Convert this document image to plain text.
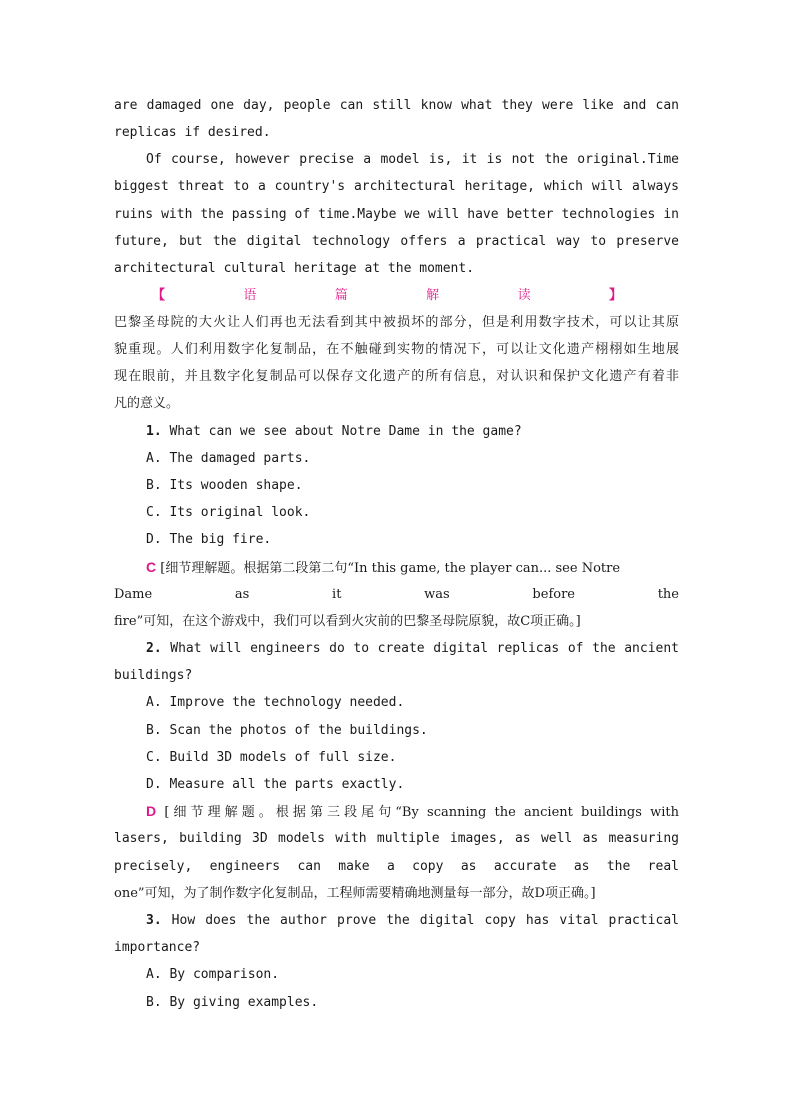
are damaged one day, people can still know what they were like and can
replicas if desired.
Of course, however precise a model is, it is not the original.Time
biggest threat to a country's architectural heritage, which will always
ruins with the passing of time.Maybe we will have better technologies in
future, but the digital technology offers a practical way to preserve
architectural cultural heritage at the moment.
【	语	篇	解	读	】
巴黎圣母院的大火让人们再也无法看到其中被损坏的部分，但是利用数字技术，可以让其原
貌重现。人们利用数字化复制品，在不触碰到实物的情况下，可以让文化遗产栩栩如生地展
现在眼前，并且数字化复制品可以保存文化遗产的所有信息，对认识和保护文化遗产有着非
凡的意义。
1. What can we see about Notre Dame in the game?
A. The damaged parts.
B. Its wooden shape.
C. Its original look.
D. The big fire.
C [细节理解题。根据第二段第二句“In this game, the player can... see Notre
Dame as it was before the
fire”可知，在这个游戏中，我们可以看到火灾前的巴黎圣母院原貌，故C项正确。]
2. What will engineers do to create digital replicas of the ancient
buildings?
A. Improve the technology needed.
B. Scan the photos of the buildings.
C. Build 3D models of full size.
D. Measure all the parts exactly.
D [细节理解题。根据第三段尾句“By scanning the ancient buildings with
lasers, building 3D models with multiple images, as well as measuring
precisely, engineers can make a copy as accurate as the real
one”可知，为了制作数字化复制品，工程师需要精确地测量每一部分，故D项正确。]
3. How does the author prove the digital copy has vital practical
importance?
A. By comparison.
B. By giving examples.
